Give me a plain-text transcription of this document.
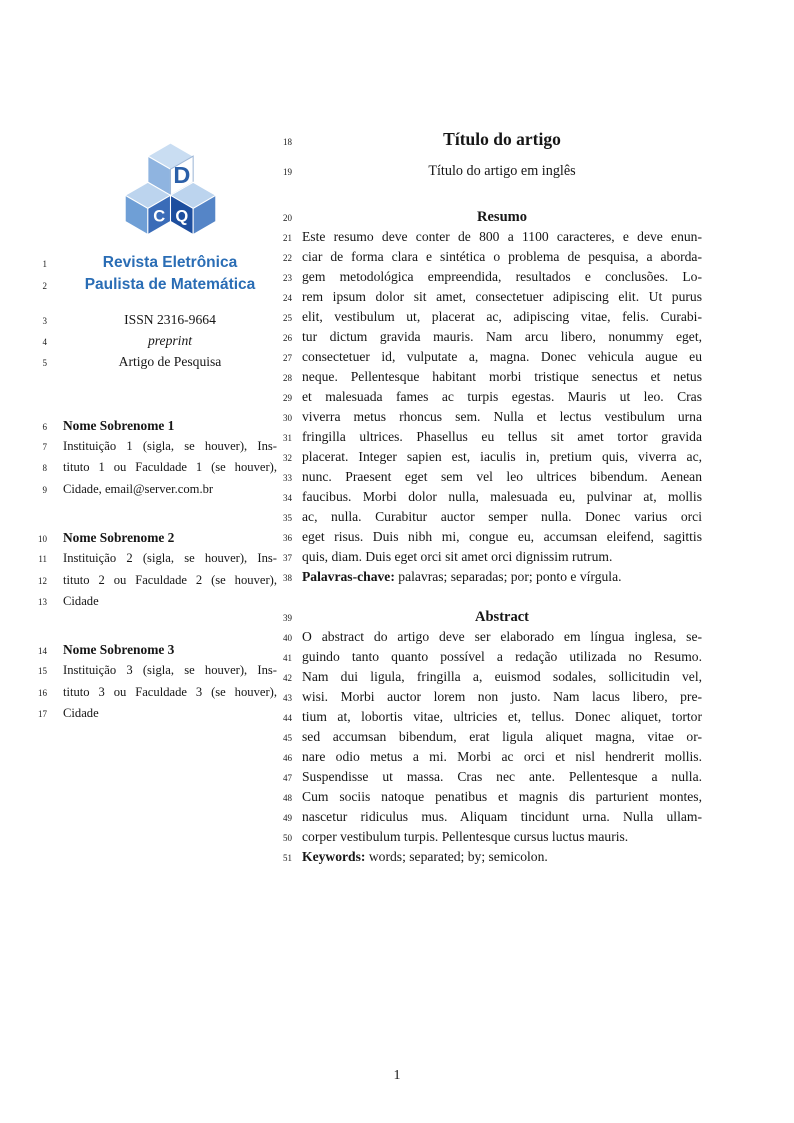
D
C Q
1	Revista Eletrônica
2	Paulista de Matemática
3	ISSN 2316-9664
4	preprint
5	Artigo de Pesquisa
6 Nome Sobrenome 1
7 Instituição 1 (sigla, se houver), Ins-
8 tituto 1 ou Faculdade 1 (se houver),
9 Cidade, email@server.com.br
10 Nome Sobrenome 2
11 Instituição 2 (sigla, se houver), Ins-
12 tituto 2 ou Faculdade 2 (se houver),
13 Cidade
14 Nome Sobrenome 3
15 Instituição 3 (sigla, se houver), Ins-
16 tituto 3 ou Faculdade 3 (se houver),
17 Cidade
18	Título do artigo
19	Título do artigo em inglês
20	Resumo
21 Este resumo deve conter de 800 a 1100 caracteres, e deve enun-
22 ciar de forma clara e sintética o problema de pesquisa, a aborda-
23 gem metodológica empreendida, resultados e conclusões. Lo-
24 rem ipsum dolor sit amet, consectetuer adipiscing elit. Ut purus
25 elit, vestibulum ut, placerat ac, adipiscing vitae, felis. Curabi-
26 tur dictum gravida mauris. Nam arcu libero, nonummy eget,
27 consectetuer id, vulputate a, magna. Donec vehicula augue eu
28 neque. Pellentesque habitant morbi tristique senectus et netus
29 et malesuada fames ac turpis egestas. Mauris ut leo. Cras
30 viverra metus rhoncus sem. Nulla et lectus vestibulum urna
31 fringilla ultrices. Phasellus eu tellus sit amet tortor gravida
32 placerat. Integer sapien est, iaculis in, pretium quis, viverra ac,
33 nunc. Praesent eget sem vel leo ultrices bibendum. Aenean
34 faucibus. Morbi dolor nulla, malesuada eu, pulvinar at, mollis
35 ac, nulla. Curabitur auctor semper nulla. Donec varius orci
36 eget risus. Duis nibh mi, congue eu, accumsan eleifend, sagittis
37 quis, diam. Duis eget orci sit amet orci dignissim rutrum.
38 Palavras-chave: palavras; separadas; por; ponto e vírgula.
39	Abstract
40 O abstract do artigo deve ser elaborado em língua inglesa, se-
41 guindo tanto quanto possível a redação utilizada no Resumo.
42 Nam dui ligula, fringilla a, euismod sodales, sollicitudin vel,
43 wisi. Morbi auctor lorem non justo. Nam lacus libero, pre-
44 tium at, lobortis vitae, ultricies et, tellus. Donec aliquet, tortor
45 sed accumsan bibendum, erat ligula aliquet magna, vitae or-
46 nare odio metus a mi. Morbi ac orci et nisl hendrerit mollis.
47 Suspendisse ut massa. Cras nec ante. Pellentesque a nulla.
48 Cum sociis natoque penatibus et magnis dis parturient montes,
49 nascetur ridiculus mus. Aliquam tincidunt urna. Nulla ullam-
50 corper vestibulum turpis. Pellentesque cursus luctus mauris.
51 Keywords: words; separated; by; semicolon.
1
